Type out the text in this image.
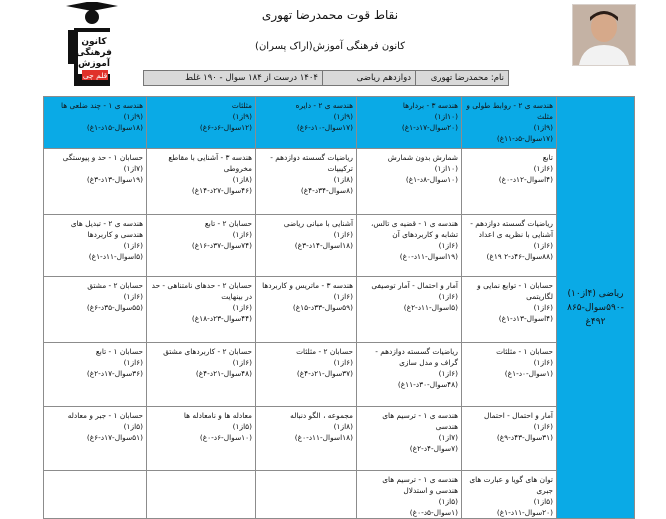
کانون
فرهنگی
آموزش
قلم چی
نقاط قوت محمدرضا تهوری
کانون فرهنگی آموزش(اراک پسران)
نام: محمدرضا تهوری	دوازدهم ریاضی	۱۴۰۴ درست از ۱۸۴ سوال - ۱۹۰ غلط
ریاضی (۴از۱۰) -۵۹۰سوال-۸۶۵ ۴۹۲غ	هندسه ی ۲ - روابط طولی و مثلث
(۹از۱)
(۱۷سوال-۵د-۱۱غ)	هندسه ۳ - بردارها
(۱۰از۱)
(۲۰سوال-۱۷د-۱غ)	هندسه ی ۲ - دایره
(۹از۱)
(۱۷سوال-۱۰د-۶غ)	مثلثات
(۹از۱)
(۱۲سوال-۶د-۶غ)	هندسه ی ۱ - چند ضلعی ها
(۹از۱)
(۱۸سوال-۱۵د-۱غ)

	تابع
(۶از۱)
(۴اسوال-۱۲د-۰غ)	شمارش بدون شمارش
(۱۰از۱)
(۱۰سوال-۸د-۱غ)	ریاضیات گسسته دوازدهم - ترکیبیات
(۸از۱)
(۸سوال-۳۴د-۴غ)	هندسه ۳ - آشنایی با مقاطع مخروطی
(۸از۱)
(۴۶سوال-۲۷د-۱۴غ)	حسابان ۱ - حد و پیوستگی
(۷از۱)
(۱۹سوال-۱۳د-۳غ)

	ریاضیات گسسته دوازدهم - آشنایی با نظریه ی اعداد
(۶از۱)
(۸۸سوال-۴۶د-۲ ۱۹غ)	هندسه ی ۱ - قضیه ی تالس، تشابه و کاربردهای آن
(۶از۱)
(۱۹اسوال-۱۱د-۰غ)	آشنایی با مبانی ریاضی
(۶از۱)
(۱۸اسوال-۱۴د-۳غ)	حسابان ۲ - تابع
(۶از۱)
(۷۴سوال-۳۷د-۱۶غ)	هندسه ی ۲ - تبدیل های هندسی و کاربردها
(۶از۱)
(۵اسوال-۱۱د-۱غ)

	حسابان ۱ - توابع نمایی و لگاریتمی
(۶از۱)
(۴اسوال-۱۳د-۱غ)	آمار و احتمال - آمار توصیفی
(۶از۱)
(۵اسوال-۱۱د-۲غ)	هندسه ۳ - ماتریس و کاربردها
(۶از۱)
(۵۹سوال-۳۳د-۱۵غ)	حسابان ۲ - حدهای نامتناهی - حد در بینهایت
(۶از۱)
(۴۴سوال-۲۳د-۱۸غ)	حسابان ۲ - مشتق
(۶از۱)
(۵۵سوال-۳۵د-۶غ)

	حسابان ۱ - مثلثات
(۶از۱)
(۱سوال-۰د-۱غ)	ریاضیات گسسته دوازدهم - گراف و مدل سازی
(۶از۱)
(۴۸سوال-۳۰د-۱۱غ)	حسابان ۲ - مثلثات
(۶از۱)
(۳۷سوال-۲۱د-۴غ)	حسابان ۲ - کاربردهای مشتق
(۶از۱)
(۴۸سوال-۲۱د-۴غ)	حسابان ۱ - تابع
(۶از۱)
(۳۶سوال-۱۷د-۲غ)

	آمار و احتمال - احتمال
(۶از۱)
(۳۱سوال-۴۳د-۹غ)	هندسه ی ۱ - ترسیم های هندسی
(۷از۱)
(۷سوال-۴د-۲غ)	مجموعه ، الگو دنباله
(۸از۱)
(۱۸اسوال-۱۱د-۰غ)	معادله ها و نامعادله ها
(۵از۱)
(۱۰سوال-۶د-۰غ)	حسابان ۱ - جبر و معادله
(۵از۱)
(۵۱سوال-۱۷د-۶غ)

	توان های گویا و عبارت های جبری
(۵از۱)
(۲۰سوال-۱۱د-۱غ)	هندسه ی ۱ - ترسیم های هندسی و استدلال
(۵از۱)
(۱سوال-۵د-۰غ)			
